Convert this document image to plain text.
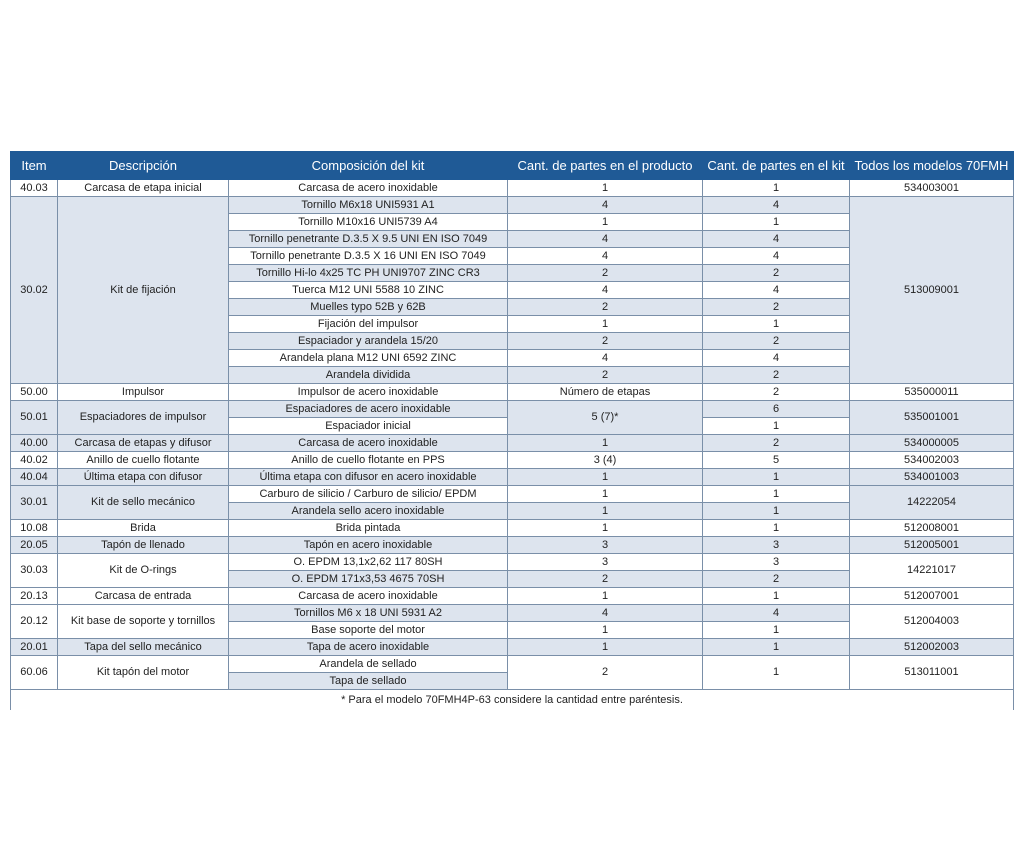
Item	Descripción	Composición del kit	Cant. de partes en el producto	Cant. de partes en el kit	Todos los modelos 70FMH
40.03	Carcasa de etapa inicial	Carcasa de acero inoxidable	1	1	534003001
30.02	Kit de fijación	Tornillo M6x18 UNI5931 A1	4	4	513009001
		Tornillo M10x16 UNI5739 A4	1	1	
		Tornillo penetrante D.3.5 X 9.5 UNI EN ISO 7049	4	4	
		Tornillo penetrante D.3.5 X 16 UNI EN ISO 7049	4	4	
		Tornillo Hi-lo 4x25 TC PH UNI9707 ZINC CR3	2	2	
		Tuerca M12 UNI 5588 10 ZINC	4	4	
		Muelles typo 52B y 62B	2	2	
		Fijación del impulsor	1	1	
		Espaciador y arandela 15/20	2	2	
		Arandela plana M12 UNI 6592 ZINC	4	4	
		Arandela dividida	2	2	
50.00	Impulsor	Impulsor de acero inoxidable	Número de etapas	2	535000011
50.01	Espaciadores de impulsor	Espaciadores de acero inoxidable	5 (7)*	6	535001001
		Espaciador inicial		1	
40.00	Carcasa de etapas y difusor	Carcasa de acero inoxidable	1	2	534000005
40.02	Anillo de cuello flotante	Anillo de cuello flotante en PPS	3 (4)	5	534002003
40.04	Última etapa con difusor	Última etapa con difusor en acero inoxidable	1	1	534001003
30.01	Kit de sello mecánico	Carburo de silicio / Carburo de silicio/ EPDM	1	1	14222054
		Arandela sello acero inoxidable	1	1	
10.08	Brida	Brida pintada	1	1	512008001
20.05	Tapón de llenado	Tapón en acero inoxidable	3	3	512005001
30.03	Kit de O-rings	O. EPDM 13,1x2,62 117 80SH	3	3	14221017
		O. EPDM 171x3,53 4675 70SH	2	2	
20.13	Carcasa de entrada	Carcasa de acero inoxidable	1	1	512007001
20.12	Kit base de soporte y tornillos	Tornillos M6 x 18 UNI 5931 A2	4	4	512004003
		Base soporte del motor	1	1	
20.01	Tapa del sello mecánico	Tapa de acero inoxidable	1	1	512002003
60.06	Kit tapón del motor	Arandela de sellado	2	1	513011001
		Tapa de sellado			
* Para el modelo 70FMH4P-63 considere la cantidad entre paréntesis.					
